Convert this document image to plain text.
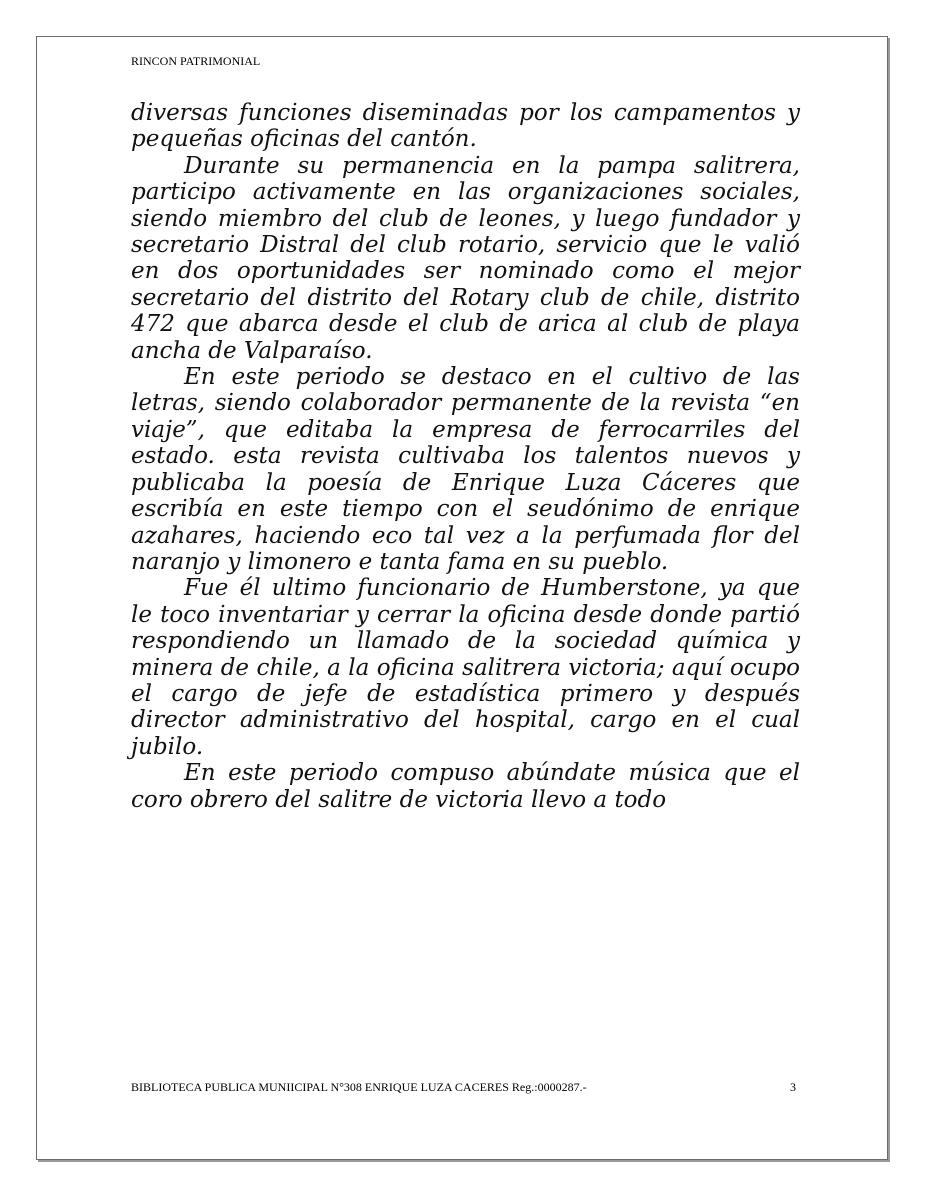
RINCON PATRIMONIAL

diversas funciones diseminadas por los campamentos y pequeñas oficinas del cantón.

Durante su permanencia en la pampa salitrera, participo activamente en las organizaciones sociales, siendo miembro del club de leones, y luego fundador y secretario Distral del club rotario, servicio que le valió en dos oportunidades ser nominado como el mejor secretario del distrito del Rotary club de chile, distrito 472 que abarca desde el club de arica al club de playa ancha de Valparaíso.

En este periodo se destaco en el cultivo de las letras, siendo colaborador permanente de la revista “en viaje”, que editaba la empresa de ferrocarriles del estado. esta revista cultivaba los talentos nuevos y publicaba la poesía de Enrique Luza Cáceres que escribía en este tiempo con el seudónimo de enrique azahares, haciendo eco tal vez a la perfumada flor del naranjo y limonero e tanta fama en su pueblo.

Fue él ultimo funcionario de Humberstone, ya que le toco inventariar y cerrar la oficina desde donde partió respondiendo un llamado de la sociedad química y minera de chile, a la oficina salitrera victoria; aquí ocupo el cargo de jefe de estadística primero y después director administrativo del hospital, cargo en el cual jubilo.

En este periodo compuso abúndate música que el coro obrero del salitre de victoria llevo a todo

BIBLIOTECA PUBLICA MUNIICIPAL N°308 ENRIQUE LUZA CACERES Reg.:0000287.-	3
